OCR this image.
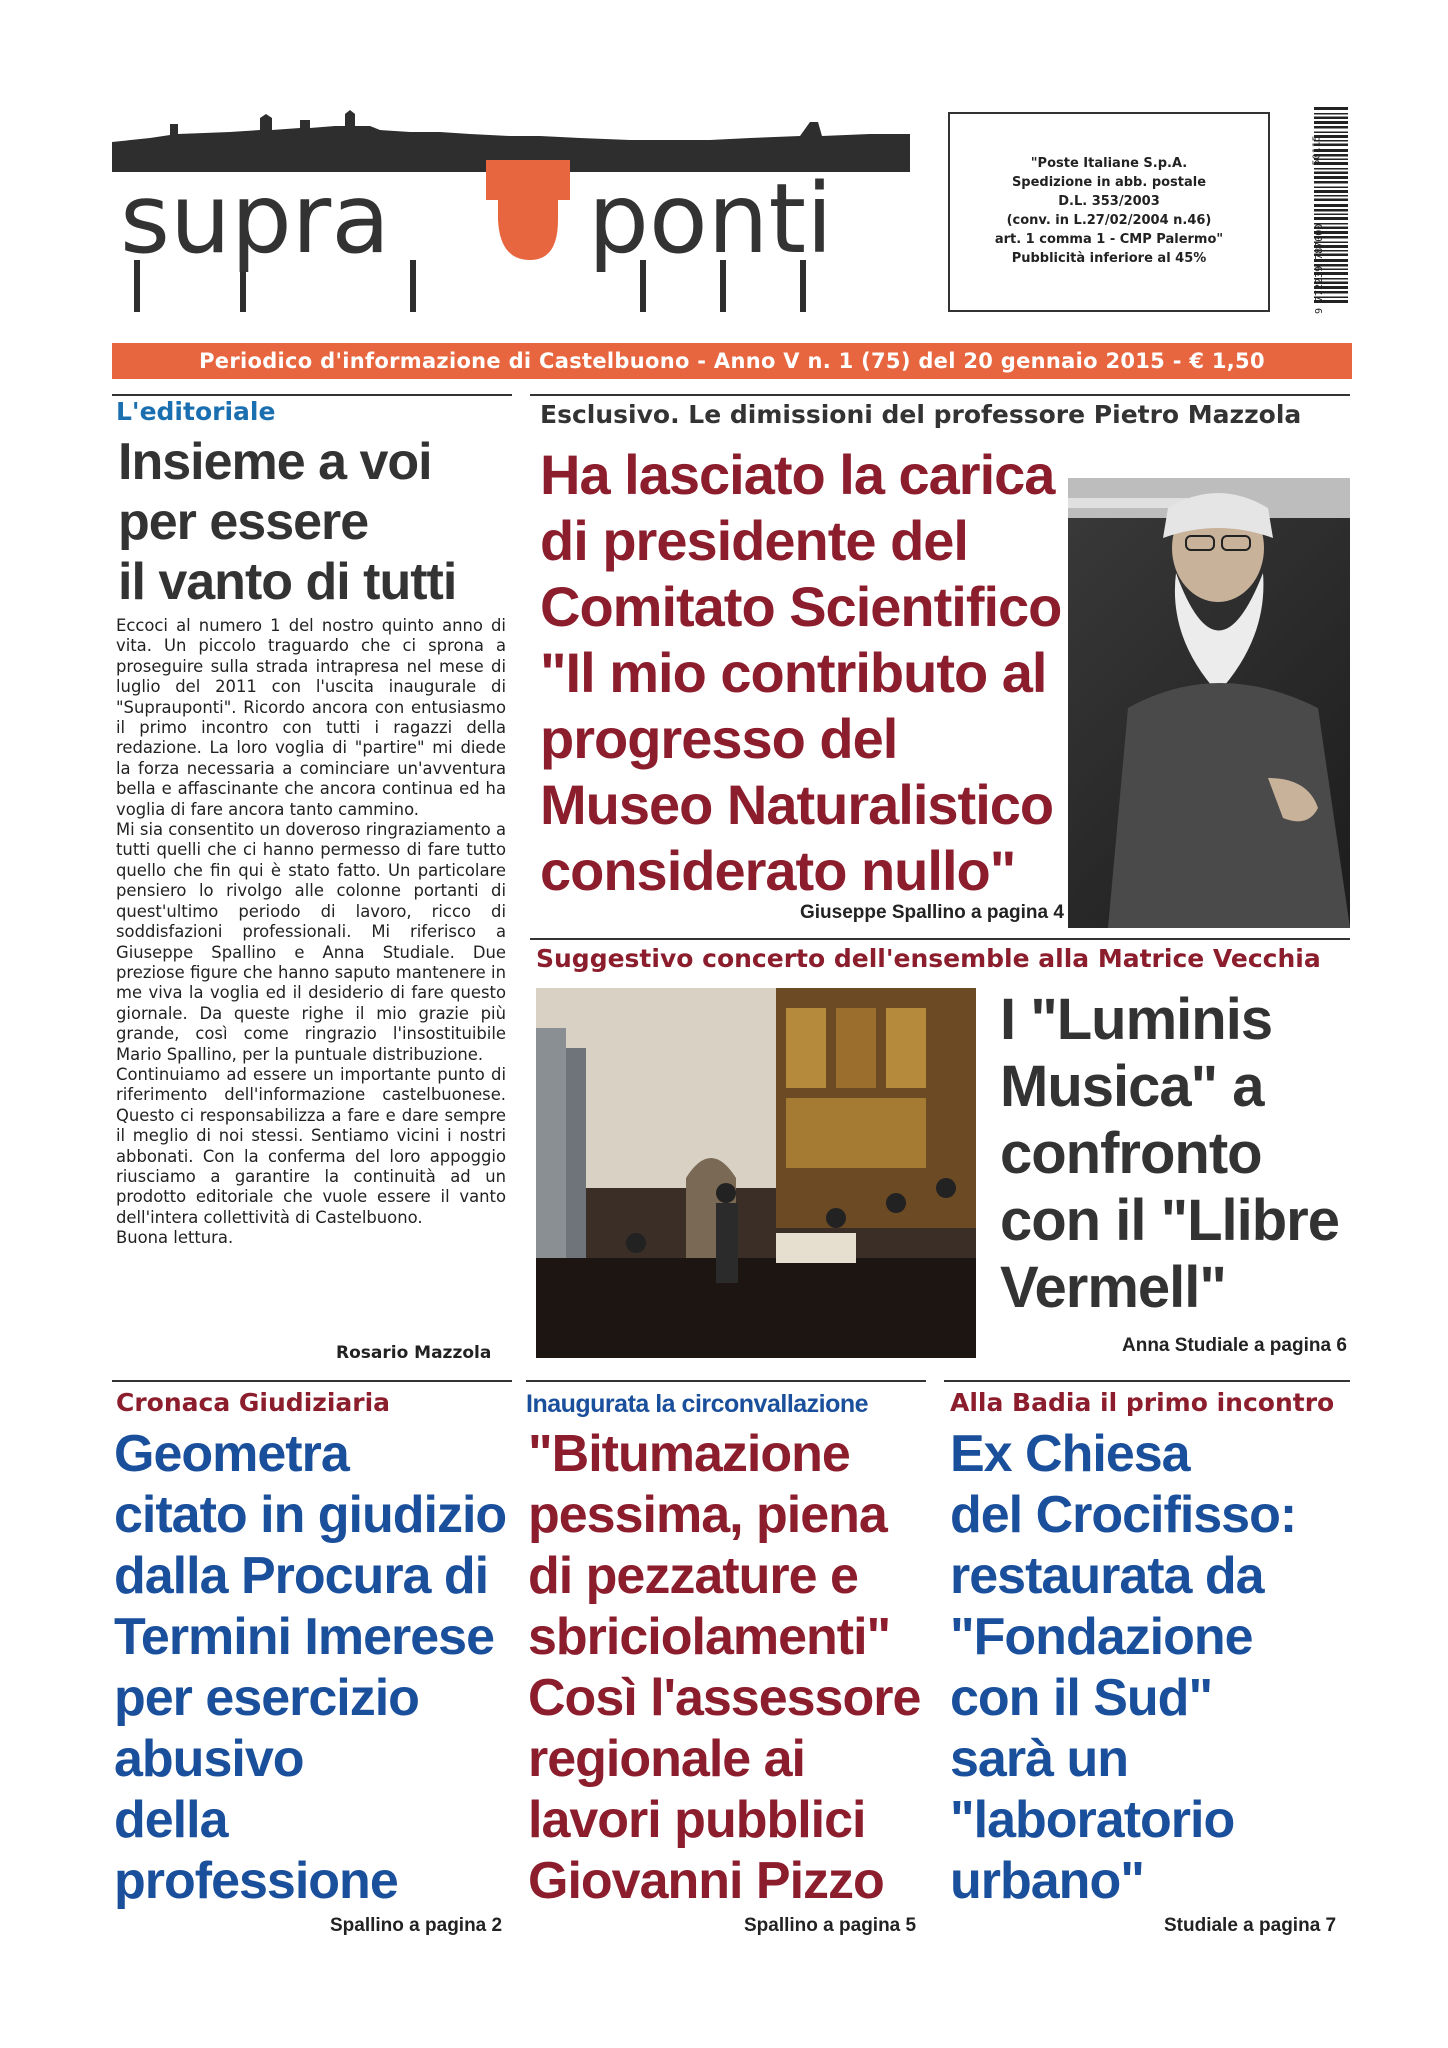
supra ponti	"Poste Italiane S.p.A.
Spedizione in abb. postale
D.L. 353/2003
(conv. in L.27/02/2004 n.46)
art. 1 comma 1 - CMP Palermo"
Pubblicità inferiore al 45%	9 772239 787000
50115
Periodico d'informazione di Castelbuono - Anno V n. 1 (75) del 20 gennaio 2015 - € 1,50
L'editoriale
Insieme a voi
per essere
il vanto di tutti

Eccoci al numero 1 del nostro quinto anno di vita. Un piccolo traguardo che ci sprona a proseguire sulla strada intrapresa nel mese di luglio del 2011 con l'uscita inaugurale di "Suprauponti". Ricordo ancora con entusiasmo il primo incontro con tutti i ragazzi della redazione. La loro voglia di "partire" mi diede la forza necessaria a cominciare un'avventura bella e affascinante che ancora continua ed ha voglia di fare ancora tanto cammino.

Mi sia consentito un doveroso ringraziamento a tutti quelli che ci hanno permesso di fare tutto quello che fin qui è stato fatto. Un particolare pensiero lo rivolgo alle colonne portanti di quest'ultimo periodo di lavoro, ricco di soddisfazioni professionali. Mi riferisco a Giuseppe Spallino e Anna Studiale. Due preziose figure che hanno saputo mantenere in me viva la voglia ed il desiderio di fare questo giornale. Da queste righe il mio grazie più grande, così come ringrazio l'insostituibile Mario Spallino, per la puntuale distribuzione.

Continuiamo ad essere un importante punto di riferimento dell'informazione castelbuonese. Questo ci responsabilizza a fare e dare sempre il meglio di noi stessi. Sentiamo vicini i nostri abbonati. Con la conferma del loro appoggio riusciamo a garantire la continuità ad un prodotto editoriale che vuole essere il vanto dell'intera collettività di Castelbuono.

Buona lettura.

Rosario Mazzola
Esclusivo. Le dimissioni del professore Pietro Mazzola
Ha lasciato la carica
di presidente del
Comitato Scientifico
"Il mio contributo al
progresso del
Museo Naturalistico
considerato nullo"
Giuseppe Spallino a pagina 4
Suggestivo concerto dell'ensemble alla Matrice Vecchia
I "Luminis
Musica" a
confronto
con il "Llibre
Vermell"
Anna Studiale a pagina 6
Cronaca Giudiziaria
Geometra
citato in giudizio
dalla Procura di
Termini Imerese
per esercizio
abusivo
della
professione
Spallino a pagina 2
Inaugurata la circonvallazione
"Bitumazione
pessima, piena
di pezzature e
sbriciolamenti"
Così l'assessore
regionale ai
lavori pubblici
Giovanni Pizzo
Spallino a pagina 5
Alla Badia il primo incontro
Ex Chiesa
del Crocifisso:
restaurata da
"Fondazione
con il Sud"
sarà un
"laboratorio
urbano"
Studiale a pagina 7
